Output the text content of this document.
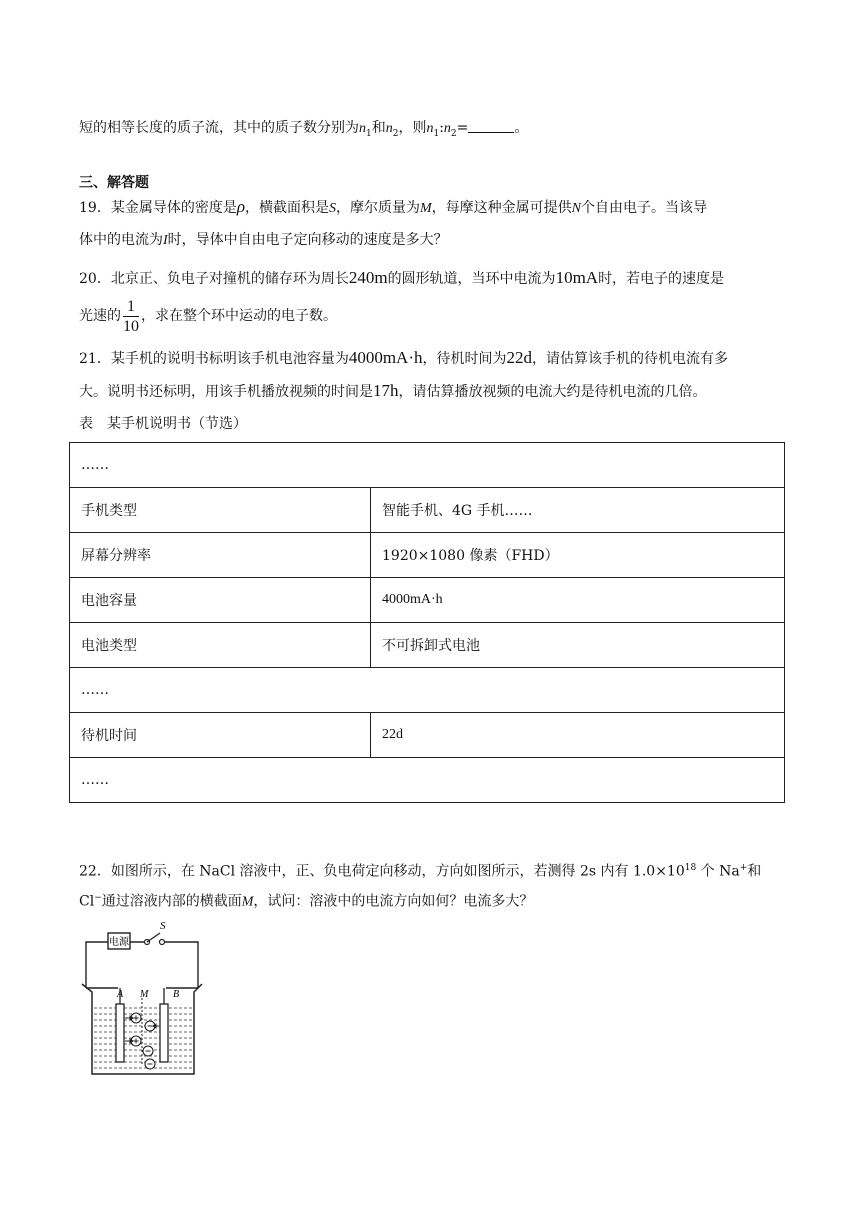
短的相等长度的质子流，其中的质子数分别为$n_1$和$n_2$，则$n_1:n_2=$	。
三、解答题
19．某金属导体的密度是ρ，横截面积是S，摩尔质量为M，每摩这种金属可提供N个自由电子。当该导
体中的电流为I时，导体中自由电子定向移动的速度是多大？
20．北京正、负电子对撞机的储存环为周长240m的圆形轨道，当环中电流为10mA时，若电子的速度是
光速的 $\frac{1}{10}$ ，求在整个环中运动的电子数。
21．某手机的说明书标明该手机电池容量为4000mA·h，待机时间为22d，请估算该手机的待机电流有多
大。说明书还标明，用该手机播放视频的时间是17h，请估算播放视频的电流大约是待机电流的几倍。
表　某手机说明书（节选）
……	
手机类型	智能手机、4G 手机……
屏幕分辨率	1920×1080 像素（FHD）
电池容量	4000mA·h
电池类型	不可拆卸式电池
……	
待机时间	22d
……	
22．如图所示，在 NaCl 溶液中，正、负电荷定向移动，方向如图所示，若测得 2s 内有 $1.0\times 10^{18}$ 个 Na+和
Cl−通过溶液内部的横截面M，试问：溶液中的电流方向如何？电流多大？
电源
S
A M B
